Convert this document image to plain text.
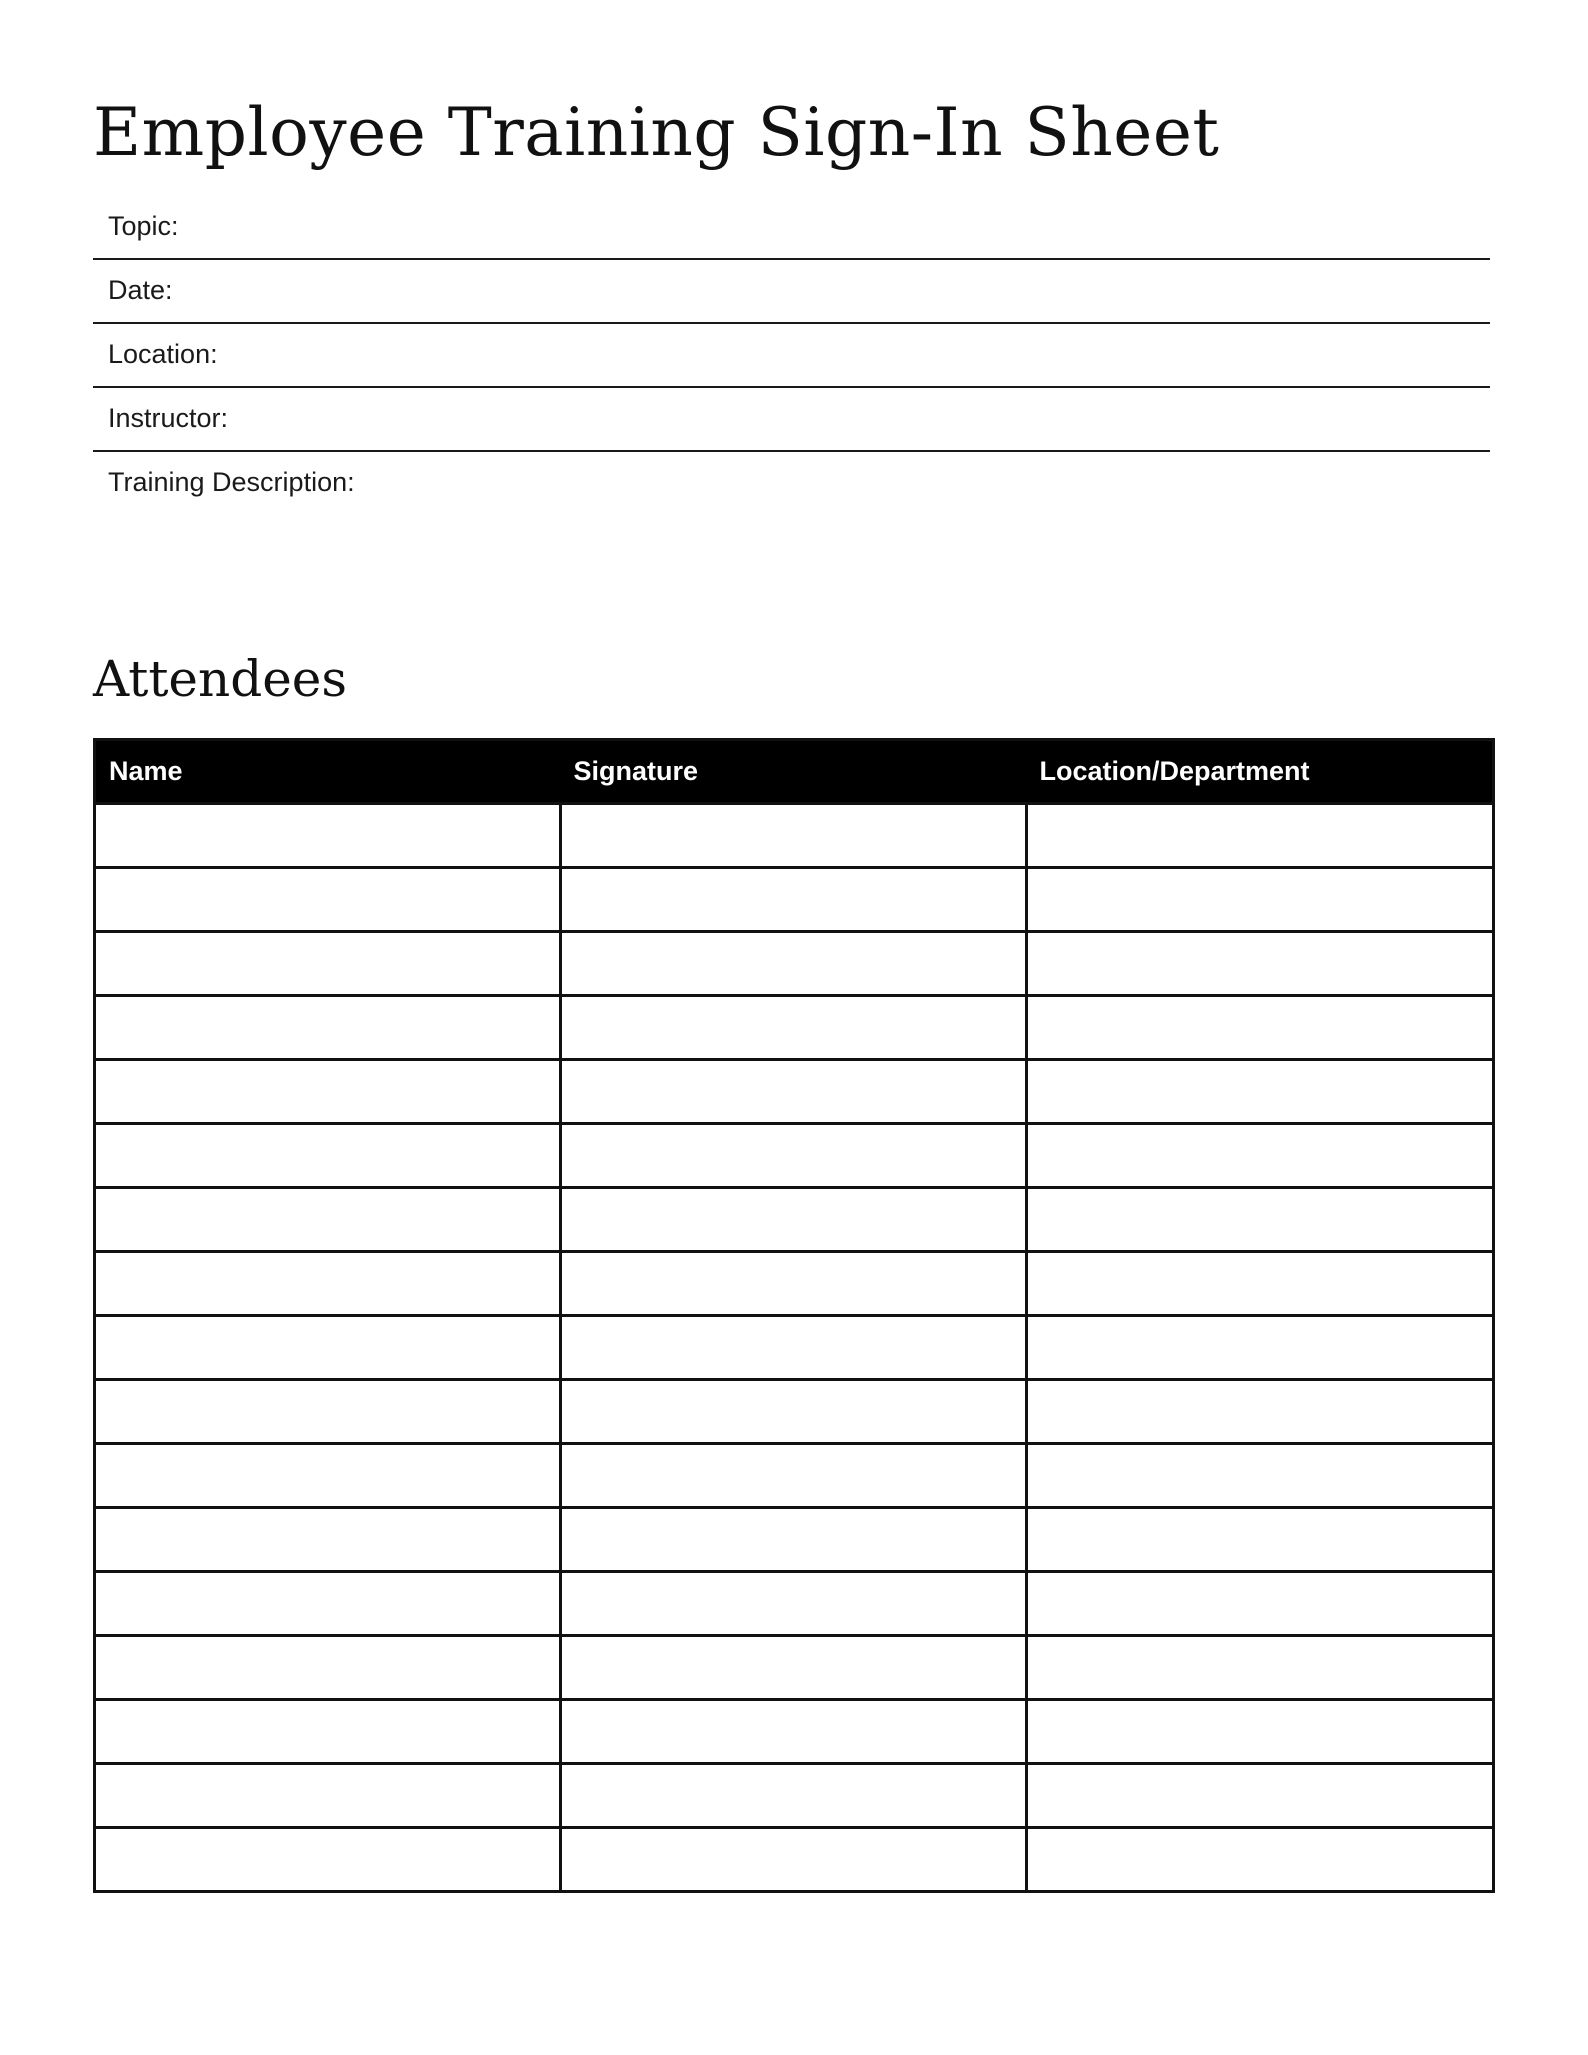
Employee Training Sign-In Sheet
Topic:
Date:
Location:
Instructor:
Training Description:
Attendees
Name	Signature	Location/Department
